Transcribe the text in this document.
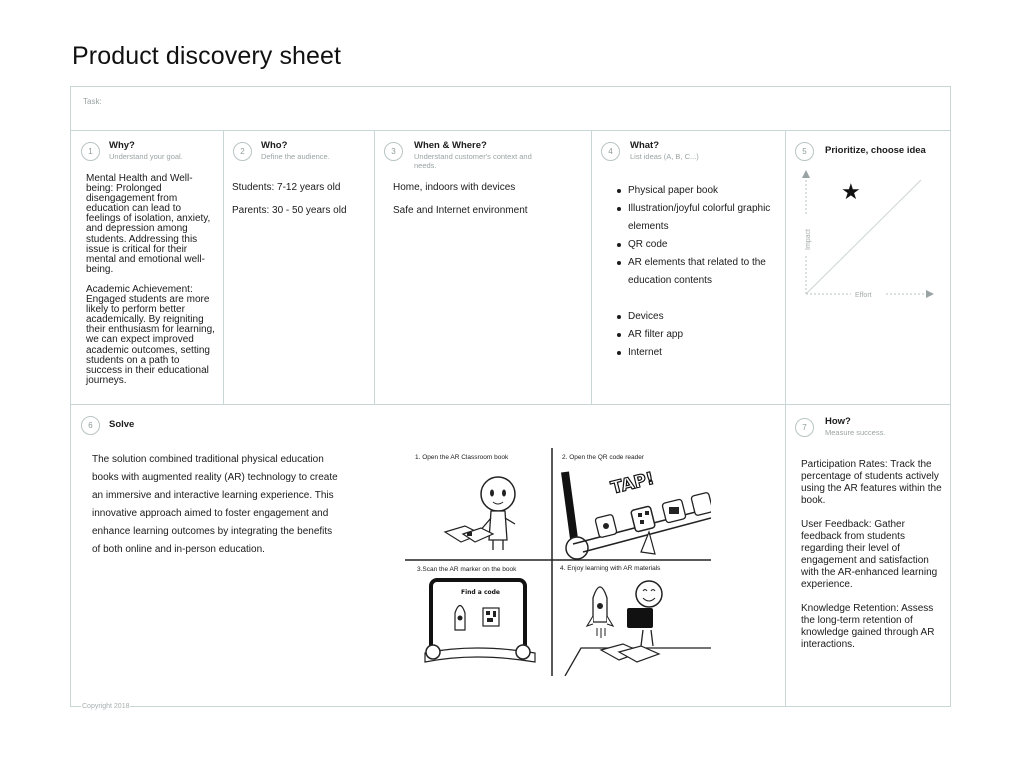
Product discovery sheet
Task:
1
Why?
Understand your goal.

Mental Health and Well-being: Prolonged disengagement from education can lead to feelings of isolation, anxiety, and depression among students. Addressing this issue is critical for their mental and emotional well-being.

Academic Achievement: Engaged students are more likely to perform better academically. By reigniting their enthusiasm for learning, we can expect improved academic outcomes, setting students on a path to success in their educational journeys.

2
Who?
Define the audience.
Students: 7-12 years old
Parents: 30 - 50 years old
3
When & Where?
Understand customer's context and needs.
Home, indoors with devices
Safe and Internet environment
4
What?
List ideas (A, B, C...)
Physical paper book
Illustration/joyful colorful graphic elements
QR code
AR elements that related to the education contents
Devices
AR filter app
Internet
5	Prioritize, choose idea
Impact
Effort
★
6	Solve
The solution combined traditional physical education books with augmented reality (AR) technology to create an immersive and interactive learning experience. This innovative approach aimed to foster engagement and enhance learning outcomes by integrating the benefits of both online and in-person education.
TAP!
Find a code
1. Open the AR Classroom book	2. Open the QR code reader
3.Scan the AR marker on the book	4. Enjoy learning with AR materials
7
How?
Measure success.

Participation Rates: Track the percentage of students actively using the AR features within the book.

User Feedback: Gather feedback from students regarding their level of engagement and satisfaction with the AR-enhanced learning experience.

Knowledge Retention: Assess the long-term retention of knowledge gained through AR interactions.

Copyright 2018
